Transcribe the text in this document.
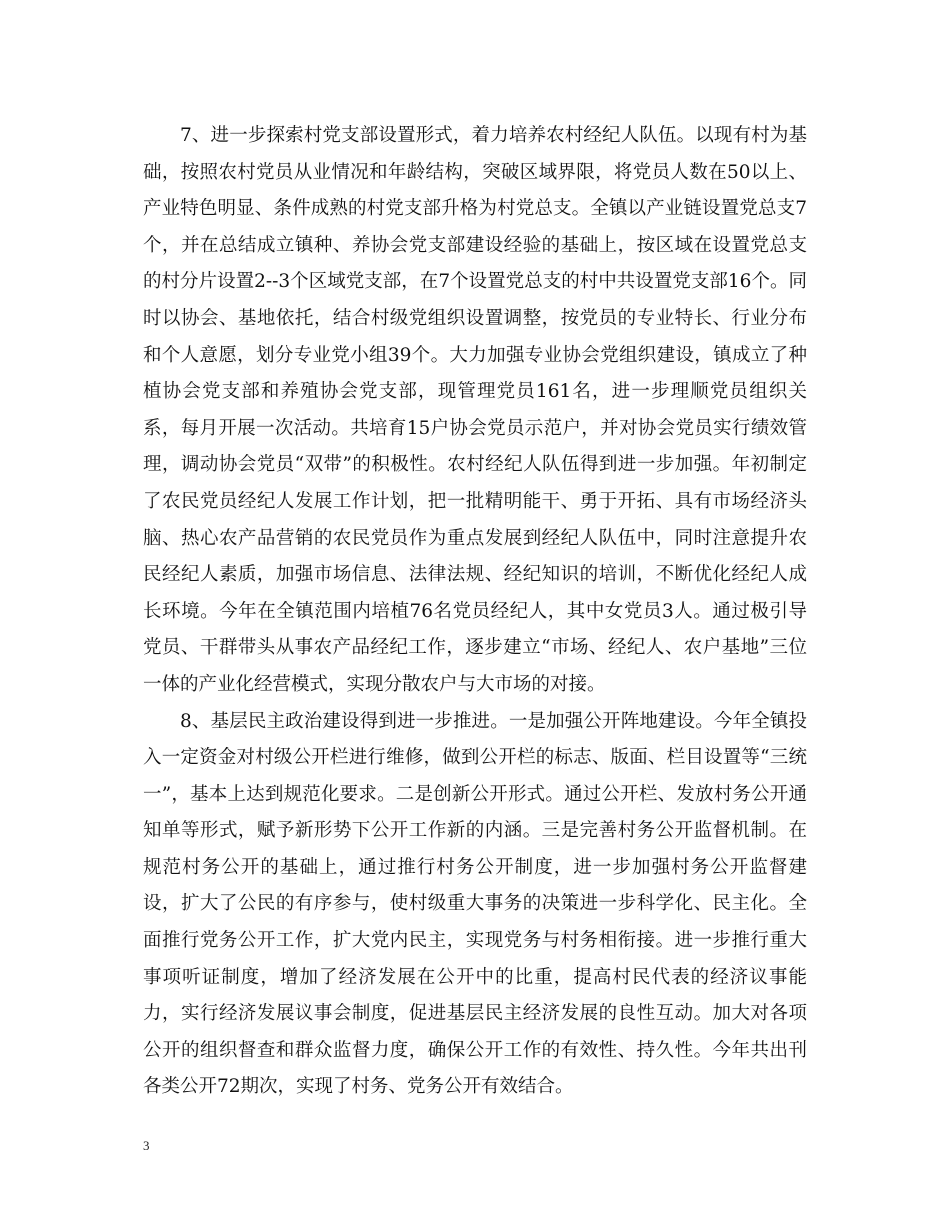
7、进一步探索村党支部设置形式，着力培养农村经纪人队伍。以现有村为基础，按照农村党员从业情况和年龄结构，突破区域界限，将党员人数在50以上、产业特色明显、条件成熟的村党支部升格为村党总支。全镇以产业链设置党总支7个，并在总结成立镇种、养协会党支部建设经验的基础上，按区域在设置党总支的村分片设置2--3个区域党支部，在7个设置党总支的村中共设置党支部16个。同时以协会、基地依托，结合村级党组织设置调整，按党员的专业特长、行业分布和个人意愿，划分专业党小组39个。大力加强专业协会党组织建设，镇成立了种植协会党支部和养殖协会党支部，现管理党员161名，进一步理顺党员组织关系，每月开展一次活动。共培育15户协会党员示范户，并对协会党员实行绩效管理，调动协会党员“双带”的积极性。农村经纪人队伍得到进一步加强。年初制定了农民党员经纪人发展工作计划，把一批精明能干、勇于开拓、具有市场经济头脑、热心农产品营销的农民党员作为重点发展到经纪人队伍中，同时注意提升农民经纪人素质，加强市场信息、法律法规、经纪知识的培训，不断优化经纪人成长环境。今年在全镇范围内培植76名党员经纪人，其中女党员3人。通过极引导党员、干群带头从事农产品经纪工作，逐步建立“市场、经纪人、农户基地”三位一体的产业化经营模式，实现分散农户与大市场的对接。

8、基层民主政治建设得到进一步推进。一是加强公开阵地建设。今年全镇投入一定资金对村级公开栏进行维修，做到公开栏的标志、版面、栏目设置等“三统一”，基本上达到规范化要求。二是创新公开形式。通过公开栏、发放村务公开通知单等形式，赋予新形势下公开工作新的内涵。三是完善村务公开监督机制。在规范村务公开的基础上，通过推行村务公开制度，进一步加强村务公开监督建设，扩大了公民的有序参与，使村级重大事务的决策进一步科学化、民主化。全面推行党务公开工作，扩大党内民主，实现党务与村务相衔接。进一步推行重大事项听证制度，增加了经济发展在公开中的比重，提高村民代表的经济议事能力，实行经济发展议事会制度，促进基层民主经济发展的良性互动。加大对各项公开的组织督查和群众监督力度，确保公开工作的有效性、持久性。今年共出刊各类公开72期次，实现了村务、党务公开有效结合。

3
